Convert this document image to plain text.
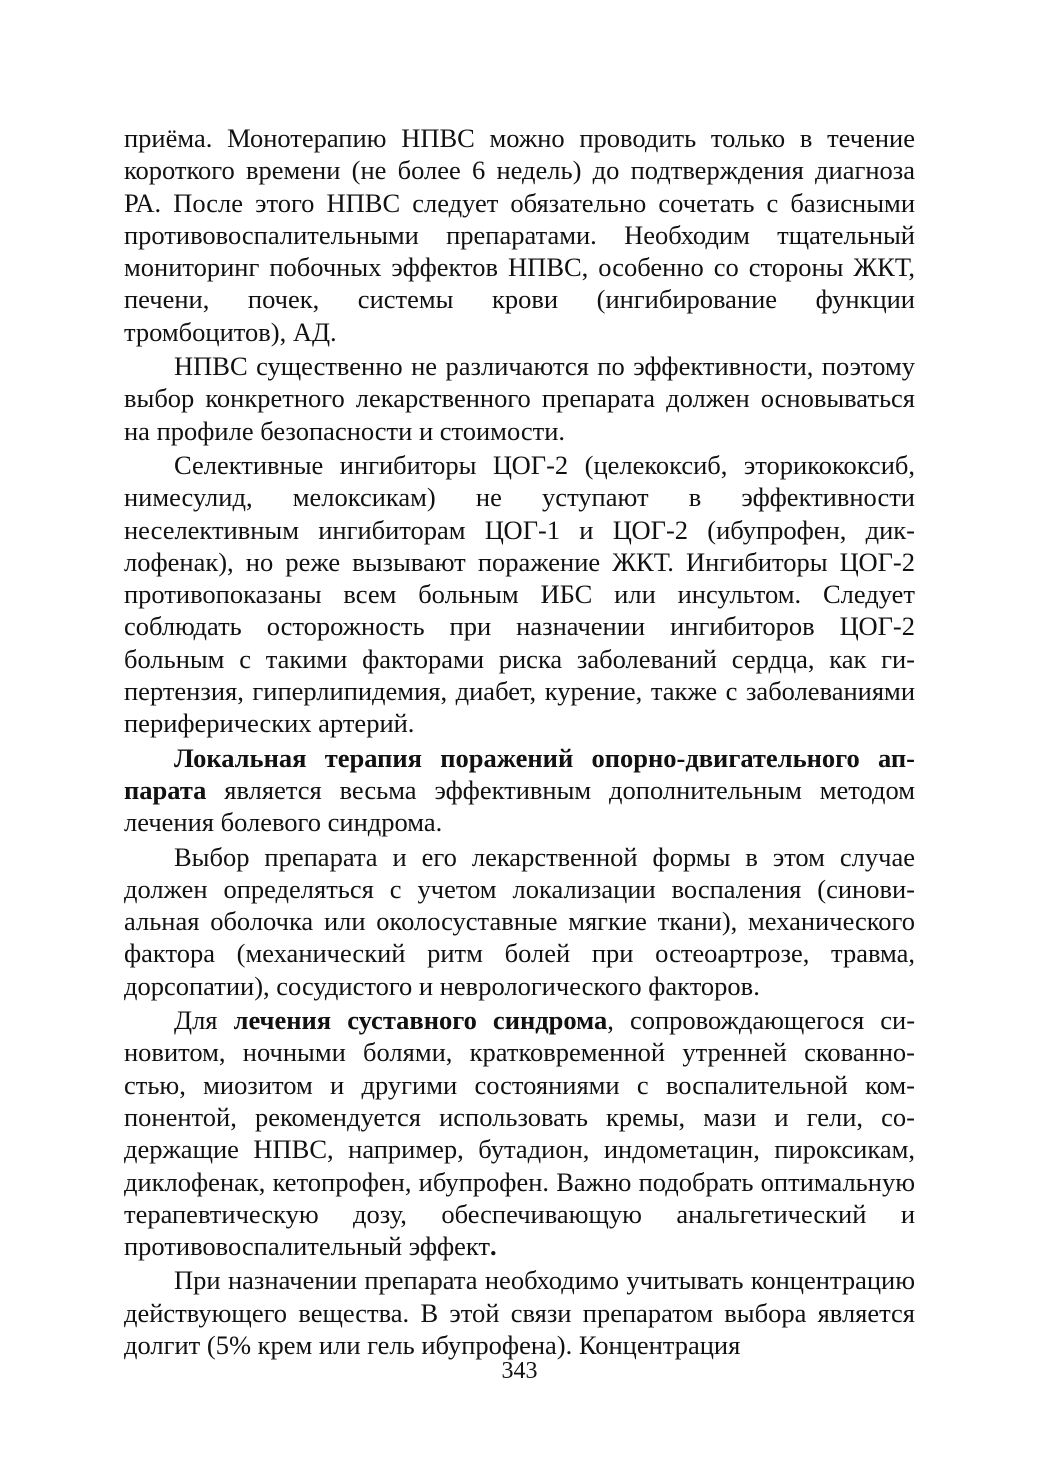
приёма. Монотерапию НПВС можно проводить только в течение короткого времени (не более 6 недель) до подтверждения диагноза РА. После этого НПВС следует обязательно сочетать с базисными противовоспалительными препаратами. Необходим тщательный мониторинг побочных эффектов НПВС, особенно со стороны ЖКТ, печени, почек, системы крови (ингибирование функции тромбоцитов), АД.

НПВС существенно не различаются по эффективности, поэтому выбор конкретного лекарственного препарата должен основываться на профиле безопасности и стоимости.

Селективные ингибиторы ЦОГ-2 (целекоксиб, эторикококсиб, нимесулид, мелоксикам) не уступают в эффективности неселективным ингибиторам ЦОГ-1 и ЦОГ-2 (ибупрофен, диклофенак), но реже вызывают поражение ЖКТ. Ингибиторы ЦОГ-2 противопоказаны всем больным ИБС или инсультом. Следует соблюдать осторожность при назначении ингибиторов ЦОГ-2 больным с такими факторами риска заболеваний сердца, как гипертензия, гиперлипидемия, диабет, курение, также с заболеваниями периферических артерий.

Локальная терапия поражений опорно-двигательного аппарата является весьма эффективным дополнительным методом лечения болевого синдрома.

Выбор препарата и его лекарственной формы в этом случае должен определяться с учетом локализации воспаления (синовиальная оболочка или околосуставные мягкие ткани), механического фактора (механический ритм болей при остеоартрозе, травма, дорсопатии), сосудистого и неврологического факторов.

Для лечения суставного синдрома, сопровождающегося синовитом, ночными болями, кратковременной утренней скованностью, миозитом и другими состояниями с воспалительной компонентой, рекомендуется использовать кремы, мази и гели, содержащие НПВС, например, бутадион, индометацин, пироксикам, диклофенак, кетопрофен, ибупрофен. Важно подобрать оптимальную терапевтическую дозу, обеспечивающую анальгетический и противовоспалительный эффект.

При назначении препарата необходимо учитывать концентрацию действующего вещества. В этой связи препаратом выбора является долгит (5% крем или гель ибупрофена). Концентрация

343
